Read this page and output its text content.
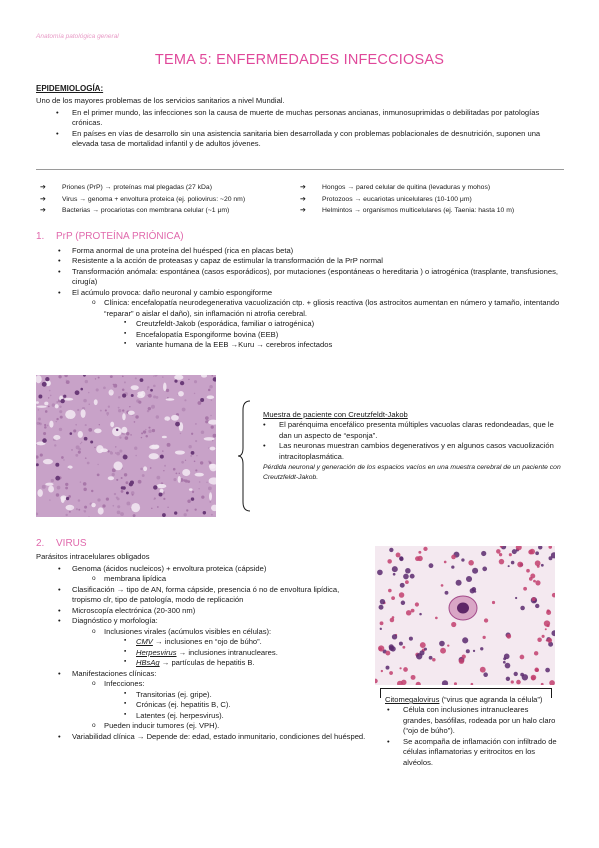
Anatomía patológica general
TEMA 5: ENFERMEDADES INFECCIOSAS
EPIDEMIOLOGÍA:
Uno de los mayores problemas de los servicios sanitarios a nivel Mundial.
• En el primer mundo, las infecciones son la causa de muerte de muchas personas ancianas, inmunosuprimidas o debilitadas por patologías crónicas.
• En países en vías de desarrollo sin una asistencia sanitaria bien desarrollada y con problemas poblacionales de desnutrición, suponen una elevada tasa de mortalidad infantil y de adultos jóvenes.
➔ Priones (PrP) → proteínas mal plegadas (27 kDa)
➔ Virus → genoma + envoltura proteica (ej. poliovirus: ~20 nm)
➔ Bacterias → procariotas con membrana celular (~1 μm)
➔ Hongos → pared celular de quitina (levaduras y mohos)
➔ Protozoos → eucariotas unicelulares (10-100 μm)
➔ Helmintos → organismos multicelulares (ej. Taenia: hasta 10 m)
1. PrP (PROTEÍNA PRIÓNICA)
• Forma anormal de una proteína del huésped (rica en placas beta)
• Resistente a la acción de proteasas y capaz de estimular la transformación de la PrP normal
• Transformación anómala: espontánea (casos esporádicos), por mutaciones (espontáneas o hereditaria ) o iatrogénica (trasplante, transfusiones, cirugía)
• El acúmulo provoca: daño neuronal y cambio espongiforme
o Clínica: encefalopatía neurodegenerativa vacuolización ctp. + gliosis reactiva (los astrocitos aumentan en número y tamaño, intentando “reparar” o aislar el daño), sin inflamación ni atrofia cerebral.
▪ Creutzfeldt-Jakob (esporádica, familiar o iatrogénica)
▪ Encefalopatía Espongiforme bovina (EEB)
▪ variante humana de la EEB →Kuru → cerebros infectados
Muestra de paciente con Creutzfeldt-Jakob
• El parénquima encefálico presenta múltiples vacuolas claras redondeadas, que le dan un aspecto de “esponja”.
• Las neuronas muestran cambios degenerativos y en algunos casos vacuolización intracitoplasmática.
Pérdida neuronal y generación de los espacios vacíos en una muestra cerebral de un paciente con Creutzfeldt-Jakob.
2. VIRUS
Parásitos intracelulares obligados
• Genoma (ácidos nucleicos) + envoltura proteica (cápside)
o membrana lipídica
• Clasificación → tipo de AN, forma cápside, presencia ó no de envoltura lipídica, tropismo clr, tipo de patología, modo de replicación
• Microscopía electrónica (20-300 nm)
• Diagnóstico y morfología:
o Inclusiones virales (acúmulos visibles en células):
▪ CMV → inclusiones en “ojo de búho”.
▪ Herpesvirus → inclusiones intranucleares.
▪ HBsAg → partículas de hepatitis B.
• Manifestaciones clínicas:
o Infecciones:
▪ Transitorias (ej. gripe).
▪ Crónicas (ej. hepatitis B, C).
▪ Latentes (ej. herpesvirus).
o Pueden inducir tumores (ej. VPH).
• Variabilidad clínica → Depende de: edad, estado inmunitario, condiciones del huésped.
Citomegalovirus (“virus que agranda la célula”)
• Célula con inclusiones intranucleares grandes, basófilas, rodeada por un halo claro (“ojo de búho”).
• Se acompaña de inflamación con infiltrado de células inflamatorias y eritrocitos en los alvéolos.
